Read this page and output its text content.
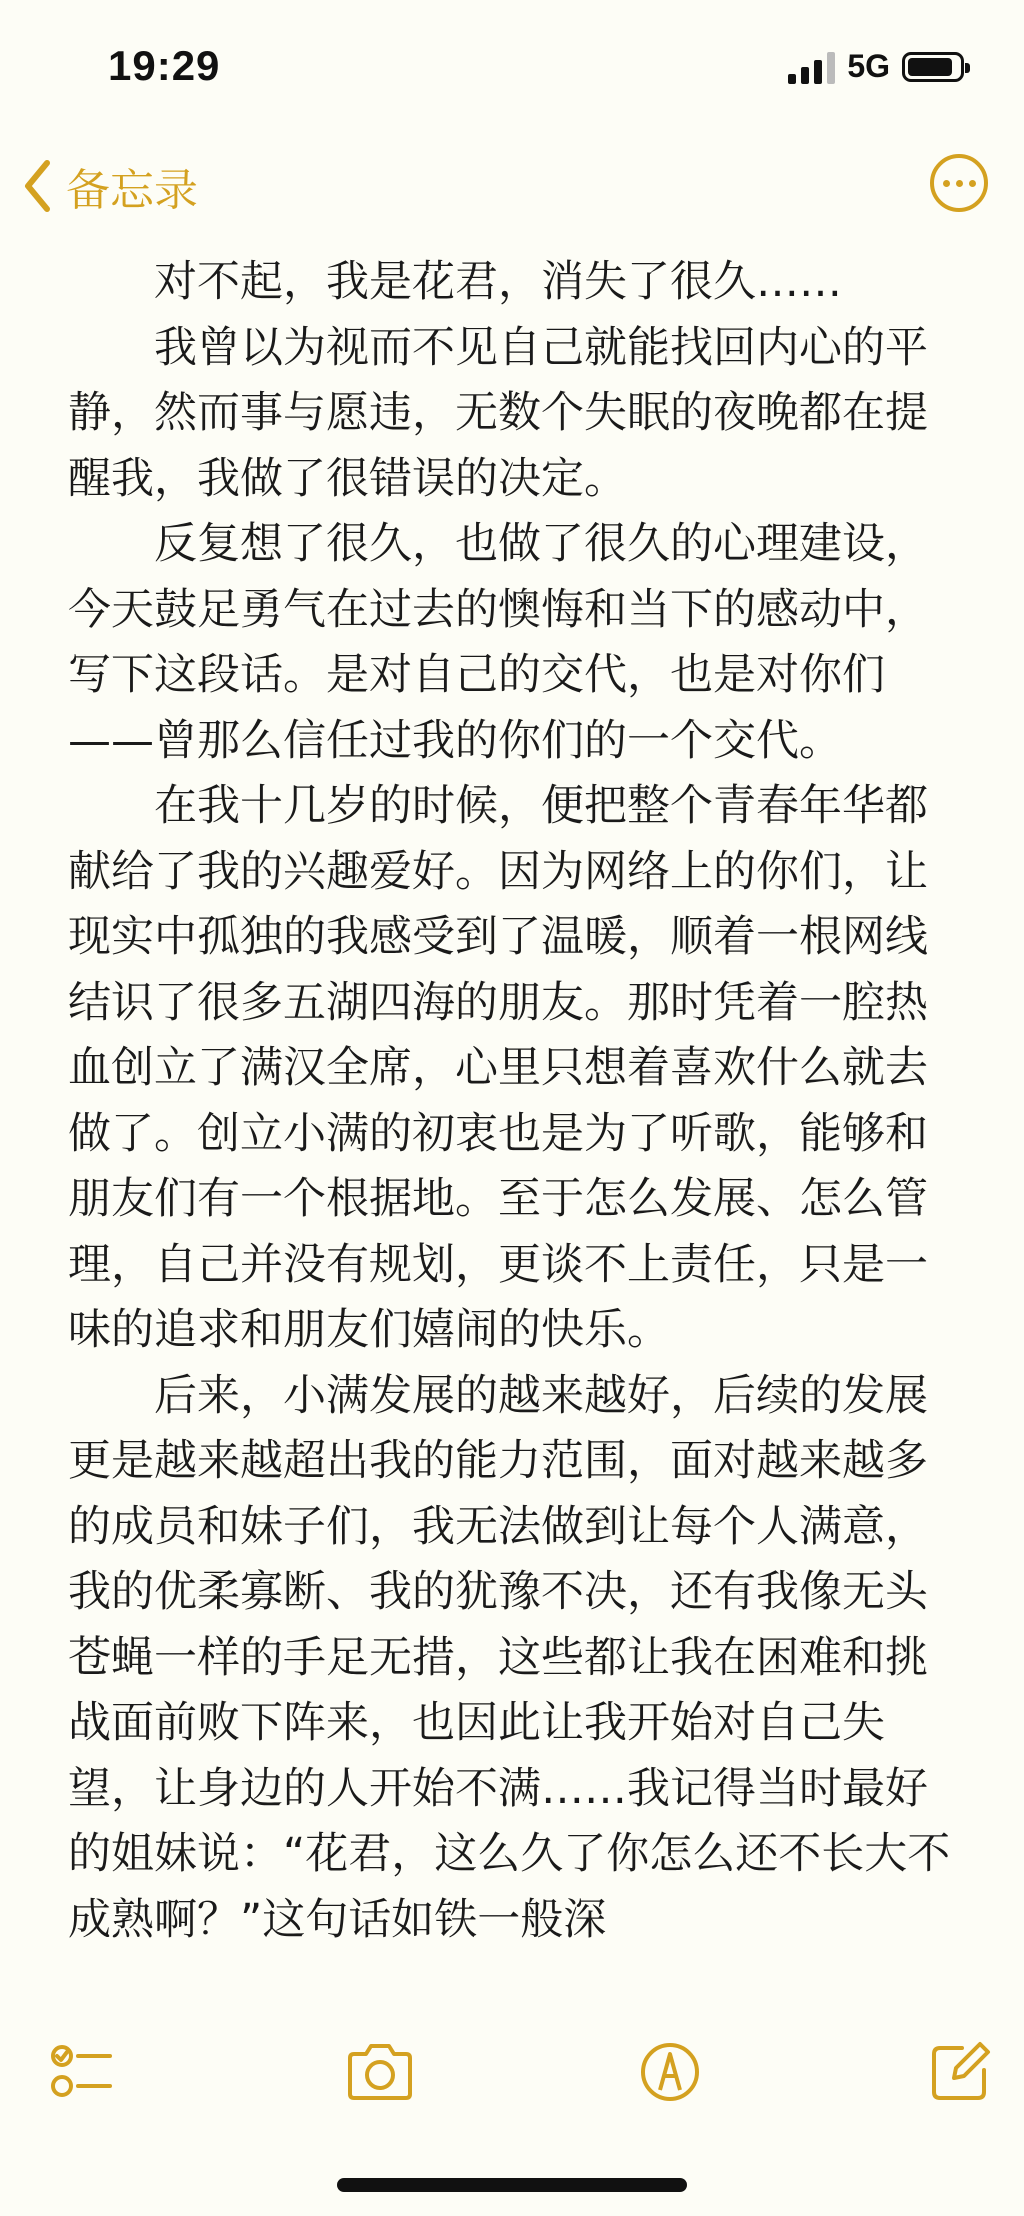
19:29	5G
备忘录

对不起，我是花君，消失了很久……

我曾以为视而不见自己就能找回内心的平静，然而事与愿违，无数个失眠的夜晚都在提醒我，我做了很错误的决定。

反复想了很久，也做了很久的心理建设，今天鼓足勇气在过去的懊悔和当下的感动中，写下这段话。是对自己的交代，也是对你们——曾那么信任过我的你们的一个交代。

在我十几岁的时候，便把整个青春年华都献给了我的兴趣爱好。因为网络上的你们，让现实中孤独的我感受到了温暖，顺着一根网线结识了很多五湖四海的朋友。那时凭着一腔热血创立了满汉全席，心里只想着喜欢什么就去做了。创立小满的初衷也是为了听歌，能够和朋友们有一个根据地。至于怎么发展、怎么管理，自己并没有规划，更谈不上责任，只是一味的追求和朋友们嬉闹的快乐。

后来，小满发展的越来越好，后续的发展更是越来越超出我的能力范围，面对越来越多的成员和妹子们，我无法做到让每个人满意，我的优柔寡断、我的犹豫不决，还有我像无头苍蝇一样的手足无措，这些都让我在困难和挑战面前败下阵来，也因此让我开始对自己失望，让身边的人开始不满……我记得当时最好的姐妹说：“花君，这么久了你怎么还不长大不成熟啊？”这句话如铁一般深
